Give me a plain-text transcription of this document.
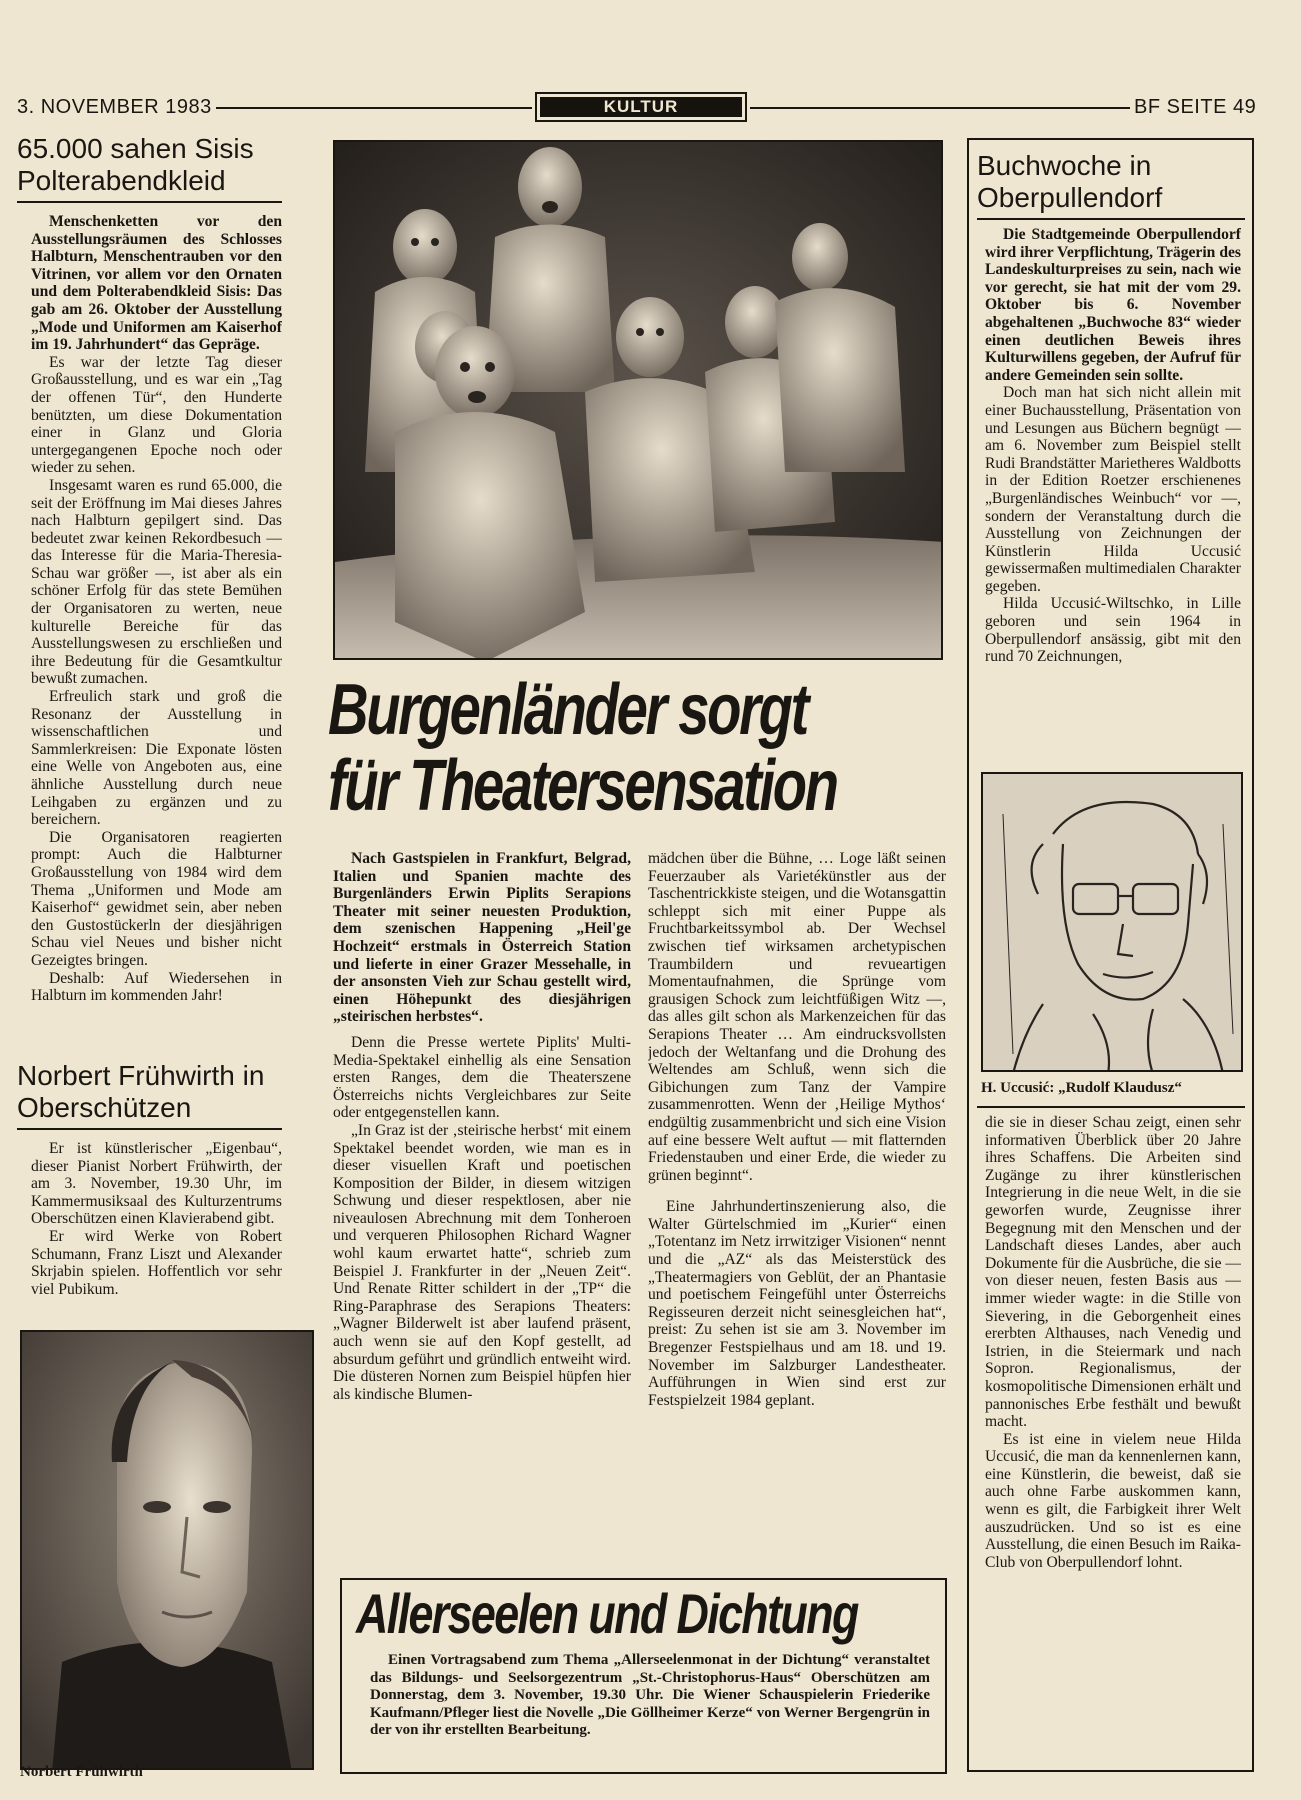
3. NOVEMBER 1983	KULTUR	BF SEITE 49
65.000 sahen Sisis Polterabendkleid

Menschenketten vor den Ausstellungsräumen des Schlosses Halbturn, Menschentrauben vor den Vitrinen, vor allem vor den Ornaten und dem Polterabendkleid Sisis: Das gab am 26. Oktober der Ausstellung „Mode und Uniformen am Kaiserhof im 19. Jahrhundert“ das Gepräge.

Es war der letzte Tag dieser Großausstellung, und es war ein „Tag der offenen Tür“, den Hunderte benützten, um diese Dokumentation einer in Glanz und Gloria untergegangenen Epoche noch oder wieder zu sehen.

Insgesamt waren es rund 65.000, die seit der Eröffnung im Mai dieses Jahres nach Halbturn gepilgert sind. Das bedeutet zwar keinen Rekordbesuch — das Interesse für die Maria-Theresia-Schau war größer —, ist aber als ein schöner Erfolg für das stete Bemühen der Organisatoren zu werten, neue kulturelle Bereiche für das Ausstellungswesen zu erschließen und ihre Bedeutung für die Gesamtkultur bewußt zumachen.

Erfreulich stark und groß die Resonanz der Ausstellung in wissenschaftlichen und Sammlerkreisen: Die Exponate lösten eine Welle von Angeboten aus, eine ähnliche Ausstellung durch neue Leihgaben zu ergänzen und zu bereichern.

Die Organisatoren reagierten prompt: Auch die Halbturner Großausstellung von 1984 wird dem Thema „Uniformen und Mode am Kaiserhof“ gewidmet sein, aber neben den Gustostückerln der diesjährigen Schau viel Neues und bisher nicht Gezeigtes bringen.

Deshalb: Auf Wiedersehen in Halbturn im kommenden Jahr!

Norbert Frühwirth in Oberschützen

Er ist künstlerischer „Eigenbau“, dieser Pianist Norbert Frühwirth, der am 3. November, 19.30 Uhr, im Kammermusiksaal des Kulturzentrums Oberschützen einen Klavierabend gibt.

Er wird Werke von Robert Schumann, Franz Liszt und Alexander Skrjabin spielen. Hoffentlich vor sehr viel Pubikum.

Norbert Frühwirth
Burgenländer sorgt
für Theatersensation

Nach Gastspielen in Frankfurt, Belgrad, Italien und Spanien machte des Burgenländers Erwin Piplits Serapions Theater mit seiner neuesten Produktion, dem szenischen Happening „Heil'ge Hochzeit“ erstmals in Österreich Station und lieferte in einer Grazer Messehalle, in der ansonsten Vieh zur Schau gestellt wird, einen Höhepunkt des diesjährigen „steirischen herbstes“.

Denn die Presse wertete Piplits' Multi-Media-Spektakel einhellig als eine Sensation ersten Ranges, dem die Theaterszene Österreichs nichts Vergleichbares zur Seite oder entgegenstellen kann.

„In Graz ist der ‚steirische herbst‘ mit einem Spektakel beendet worden, wie man es in dieser visuellen Kraft und poetischen Komposition der Bilder, in diesem witzigen Schwung und dieser respektlosen, aber nie niveaulosen Abrechnung mit dem Tonheroen und verqueren Philosophen Richard Wagner wohl kaum erwartet hatte“, schrieb zum Beispiel J. Frankfurter in der „Neuen Zeit“. Und Renate Ritter schildert in der „TP“ die Ring-Paraphrase des Serapions Theaters: „Wagner Bilderwelt ist aber laufend präsent, auch wenn sie auf den Kopf gestellt, ad absurdum geführt und gründlich entweiht wird. Die düsteren Nornen zum Beispiel hüpfen hier als kindische Blumen-

mädchen über die Bühne, … Loge läßt seinen Feuerzauber als Varietékünstler aus der Taschentrickkiste steigen, und die Wotansgattin schleppt sich mit einer Puppe als Fruchtbarkeitssymbol ab. Der Wechsel zwischen tief wirksamen archetypischen Traumbildern und revueartigen Momentaufnahmen, die Sprünge vom grausigen Schock zum leichtfüßigen Witz —, das alles gilt schon als Markenzeichen für das Serapions Theater … Am eindrucksvollsten jedoch der Weltanfang und die Drohung des Weltendes am Schluß, wenn sich die Gibichungen zum Tanz der Vampire zusammenrotten. Wenn der ‚Heilige Mythos‘ endgültig zusammenbricht und sich eine Vision auf eine bessere Welt auftut — mit flatternden Friedenstauben und einer Erde, die wieder zu grünen beginnt“.

Eine Jahrhundertinszenierung also, die Walter Gürtelschmied im „Kurier“ einen „Totentanz im Netz irrwitziger Visionen“ nennt und die „AZ“ als das Meisterstück des „Theatermagiers von Geblüt, der an Phantasie und poetischem Feingefühl unter Österreichs Regisseuren derzeit nicht seinesgleichen hat“, preist: Zu sehen ist sie am 3. November im Bregenzer Festspielhaus und am 18. und 19. November im Salzburger Landestheater. Aufführungen in Wien sind erst zur Festspielzeit 1984 geplant.

Allerseelen und Dichtung

Einen Vortragsabend zum Thema „Allerseelenmonat in der Dichtung“ veranstaltet das Bildungs- und Seelsorgezentrum „St.-Christophorus-Haus“ Oberschützen am Donnerstag, dem 3. November, 19.30 Uhr. Die Wiener Schauspielerin Friederike Kaufmann/Pfleger liest die Novelle „Die Göllheimer Kerze“ von Werner Bergengrün in der von ihr erstellten Bearbeitung.

Buchwoche in Oberpullendorf

Die Stadtgemeinde Oberpullendorf wird ihrer Verpflichtung, Trägerin des Landeskulturpreises zu sein, nach wie vor gerecht, sie hat mit der vom 29. Oktober bis 6. November abgehaltenen „Buchwoche 83“ wieder einen deutlichen Beweis ihres Kulturwillens gegeben, der Aufruf für andere Gemeinden sein sollte.

Doch man hat sich nicht allein mit einer Buchausstellung, Präsentation von und Lesungen aus Büchern begnügt — am 6. November zum Beispiel stellt Rudi Brandstätter Marietheres Waldbotts in der Edition Roetzer erschienenes „Burgenländisches Weinbuch“ vor —, sondern der Veranstaltung durch die Ausstellung von Zeichnungen der Künstlerin Hilda Uccusić gewissermaßen multimedialen Charakter gegeben.

Hilda Uccusić-Wiltschko, in Lille geboren und sein 1964 in Oberpullendorf ansässig, gibt mit den rund 70 Zeichnungen,

H. Uccusić: „Rudolf Klaudusz“

die sie in dieser Schau zeigt, einen sehr informativen Überblick über 20 Jahre ihres Schaffens. Die Arbeiten sind Zugänge zu ihrer künstlerischen Integrierung in die neue Welt, in die sie geworfen wurde, Zeugnisse ihrer Begegnung mit den Menschen und der Landschaft dieses Landes, aber auch Dokumente für die Ausbrüche, die sie — von dieser neuen, festen Basis aus — immer wieder wagte: in die Stille von Sievering, in die Geborgenheit eines ererbten Althauses, nach Venedig und Istrien, in die Steiermark und nach Sopron. Regionalismus, der kosmopolitische Dimensionen erhält und pannonisches Erbe festhält und bewußt macht.

Es ist eine in vielem neue Hilda Uccusić, die man da kennenlernen kann, eine Künstlerin, die beweist, daß sie auch ohne Farbe auskommen kann, wenn es gilt, die Farbigkeit ihrer Welt auszudrücken. Und so ist es eine Ausstellung, die einen Besuch im Raika-Club von Oberpullendorf lohnt.
